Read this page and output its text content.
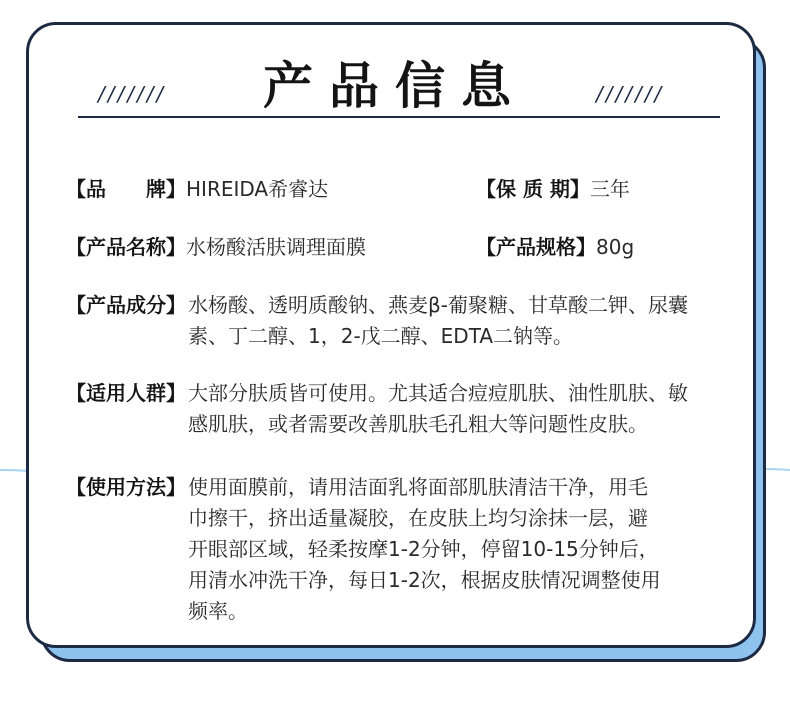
产品信息
///////	///////
【品　　牌】HIREIDA希睿达	【保 质 期】三年
【产品名称】水杨酸活肤调理面膜	【产品规格】80g
【产品成分】 水杨酸、透明质酸钠、燕麦β-葡聚糖、甘草酸二钾、尿囊
素、丁二醇、1，2-戊二醇、EDTA二钠等。
【适用人群】 大部分肤质皆可使用。尤其适合痘痘肌肤、油性肌肤、敏
感肌肤，或者需要改善肌肤毛孔粗大等问题性皮肤。
【使用方法】 使用面膜前，请用洁面乳将面部肌肤清洁干净，用毛
巾擦干，挤出适量凝胶，在皮肤上均匀涂抹一层，避
开眼部区域，轻柔按摩1-2分钟，停留10-15分钟后，
用清水冲洗干净，每日1-2次，根据皮肤情况调整使用
频率。
